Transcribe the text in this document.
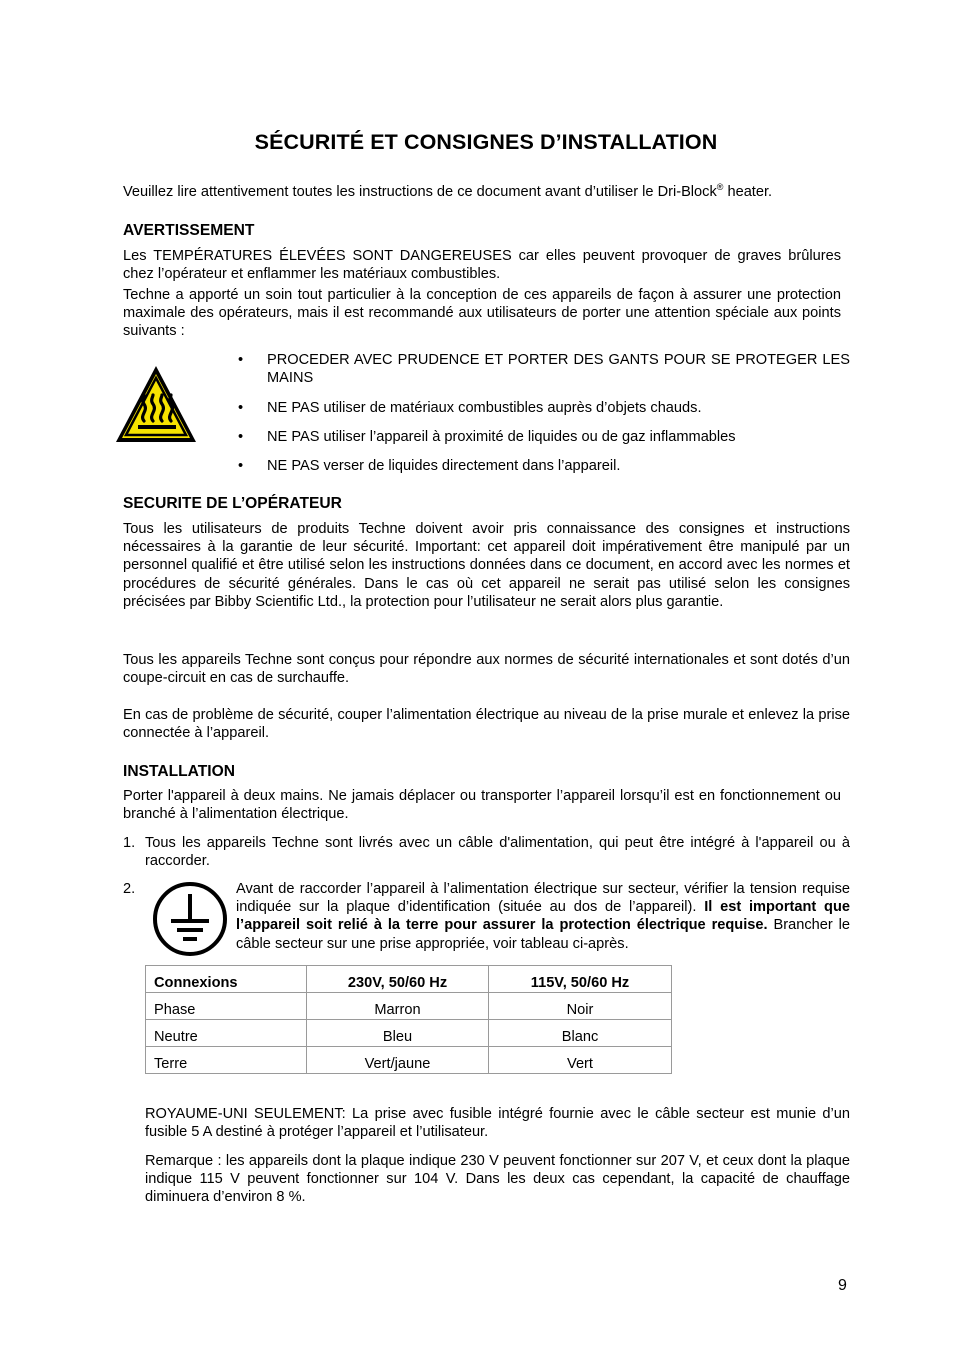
SÉCURITÉ ET CONSIGNES D’INSTALLATION
Veuillez lire attentivement toutes les instructions de ce document avant d’utiliser le Dri-Block® heater.
AVERTISSEMENT
Les TEMPÉRATURES ÉLEVÉES SONT DANGEREUSES car elles peuvent provoquer de graves brûlures chez l’opérateur et enflammer les matériaux combustibles.
Techne a apporté un soin tout particulier à la conception de ces appareils de façon à assurer une protection maximale des opérateurs, mais il est recommandé aux utilisateurs de porter une attention spéciale aux points suivants :
• PROCEDER AVEC PRUDENCE ET PORTER DES GANTS POUR SE PROTEGER LES MAINS
• NE PAS utiliser de matériaux combustibles auprès d’objets chauds.
• NE PAS utiliser l’appareil à proximité de liquides ou de gaz inflammables
• NE PAS verser de liquides directement dans l’appareil.
SECURITE DE L’OPÉRATEUR
Tous les utilisateurs de produits Techne doivent avoir pris connaissance des consignes et instructions nécessaires à la garantie de leur sécurité. Important: cet appareil doit impérativement être manipulé par un personnel qualifié et être utilisé selon les instructions données dans ce document, en accord avec les normes et procédures de sécurité générales. Dans le cas où cet appareil ne serait pas utilisé selon les consignes précisées par Bibby Scientific Ltd., la protection pour l’utilisateur ne serait alors plus garantie.
Tous les appareils Techne sont conçus pour répondre aux normes de sécurité internationales et sont dotés d’un coupe-circuit en cas de surchauffe.
En cas de problème de sécurité, couper l’alimentation électrique au niveau de la prise murale et enlevez la prise connectée à l’appareil.
INSTALLATION
Porter l'appareil à deux mains. Ne jamais déplacer ou transporter l’appareil lorsqu’il est en fonctionnement ou branché à l’alimentation électrique.
1. Tous les appareils Techne sont livrés avec un câble d'alimentation, qui peut être intégré à l'appareil ou à raccorder.
2.	Avant de raccorder l’appareil à l’alimentation électrique sur secteur, vérifier la tension requise indiquée sur la plaque d’identification (située au dos de l’appareil). Il est important que l’appareil soit relié à la terre pour assurer la protection électrique requise. Brancher le câble secteur sur une prise appropriée, voir tableau ci-après.
Connexions	230V, 50/60 Hz	115V, 50/60 Hz
Phase	Marron	Noir
Neutre	Bleu	Blanc
Terre	Vert/jaune	Vert
ROYAUME-UNI SEULEMENT: La prise avec fusible intégré fournie avec le câble secteur est munie d’un fusible 5 A destiné à protéger l’appareil et l’utilisateur.
Remarque : les appareils dont la plaque indique 230 V peuvent fonctionner sur 207 V, et ceux dont la plaque indique 115 V peuvent fonctionner sur 104 V. Dans les deux cas cependant, la capacité de chauffage diminuera d’environ 8 %.
9
